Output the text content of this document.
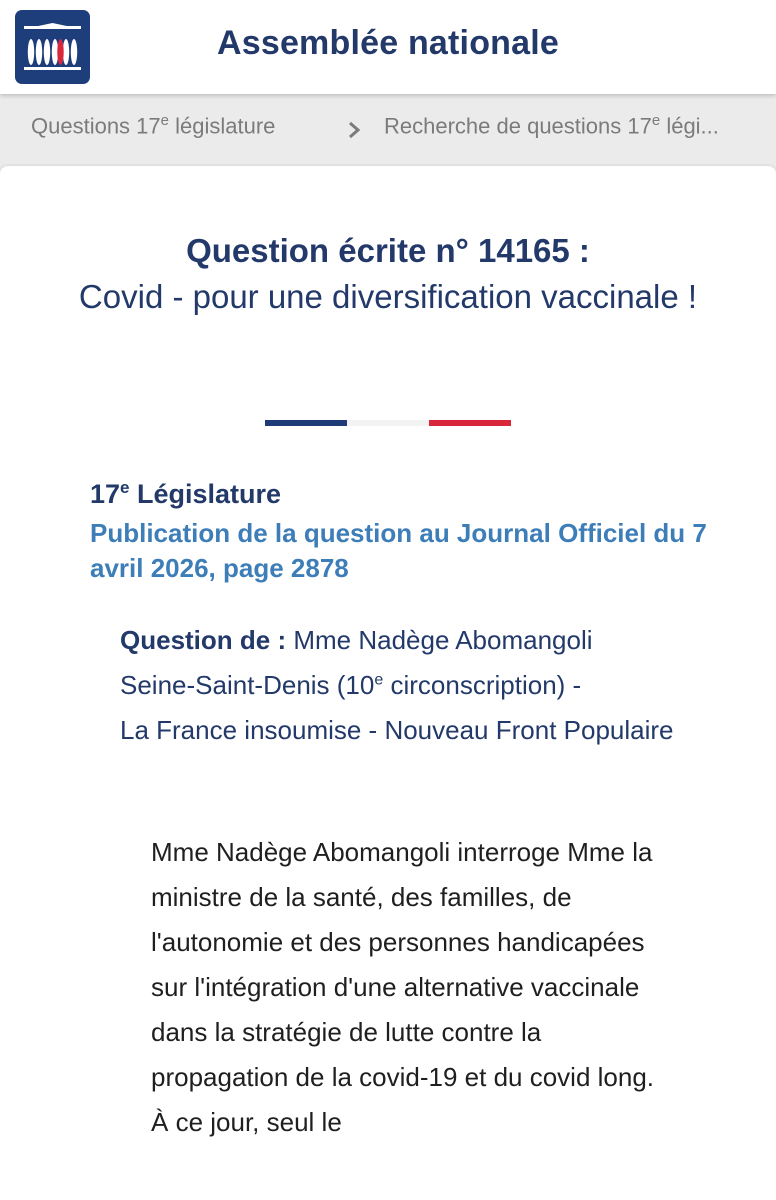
Assemblée nationale
Questions 17e législature	Recherche de questions 17e légi...
Question écrite n° 14165 :
Covid - pour une diversification vaccinale !
17e Législature
Publication de la question au Journal Officiel du 7 avril 2026, page 2878
Question de : Mme Nadège Abomangoli
Seine-Saint-Denis (10e circonscription) -
La France insoumise - Nouveau Front Populaire
Mme Nadège Abomangoli interroge Mme la ministre de la santé, des familles, de l'autonomie et des personnes handicapées sur l'intégration d'une alternative vaccinale dans la stratégie de lutte contre la propagation de la covid-19 et du covid long. À ce jour, seul le
